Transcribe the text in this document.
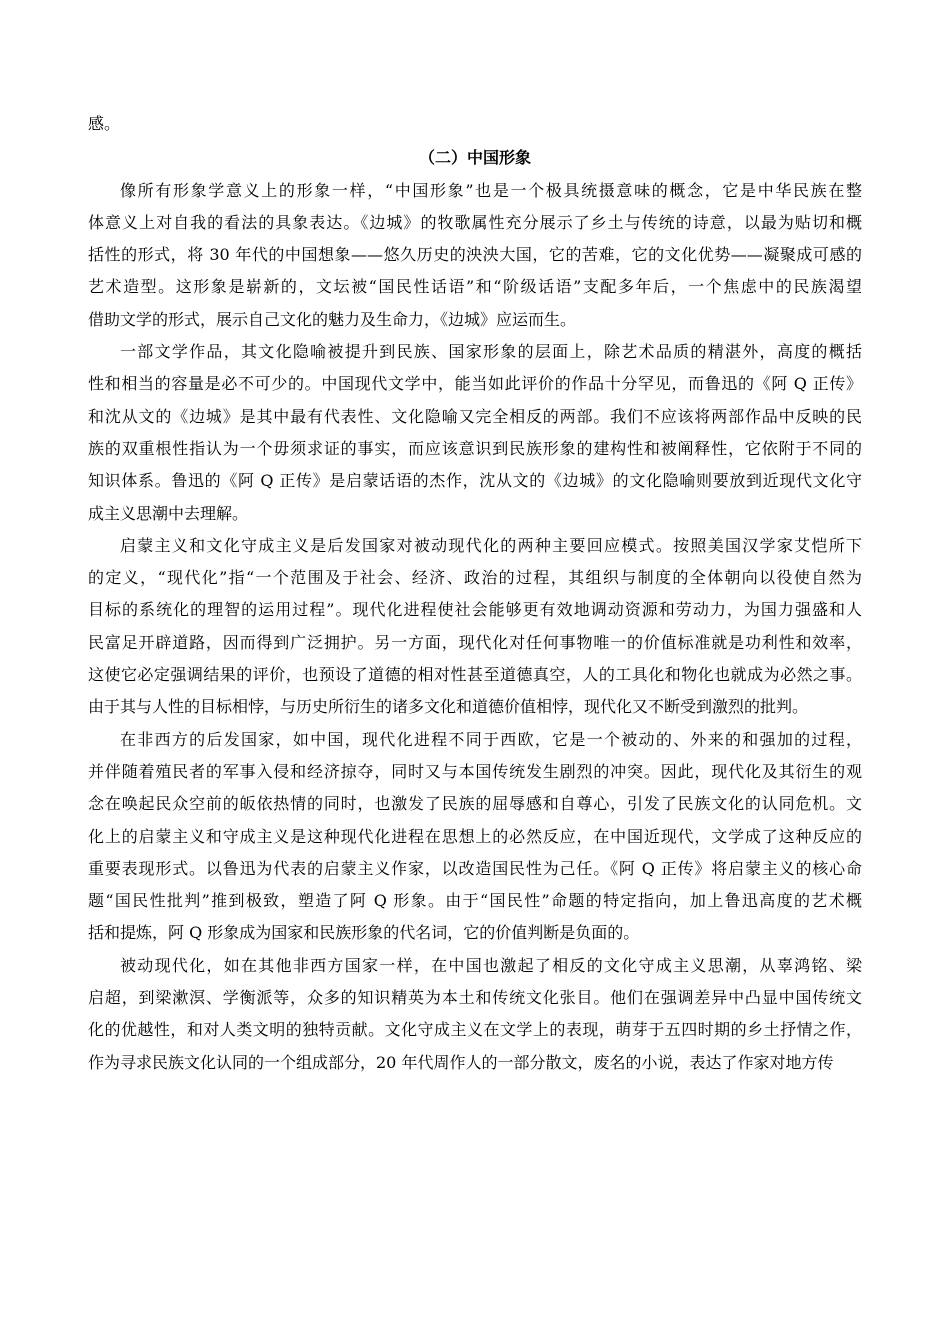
感。
（二）中国形象
像所有形象学意义上的形象一样，“中国形象”也是一个极具统摄意味的概念，它是中华民族在整
体意义上对自我的看法的具象表达。《边城》的牧歌属性充分展示了乡土与传统的诗意，以最为贴切和概
括性的形式，将 30 年代的中国想象——悠久历史的泱泱大国，它的苦难，它的文化优势——凝聚成可感的
艺术造型。这形象是崭新的，文坛被“国民性话语”和“阶级话语”支配多年后，一个焦虑中的民族渴望
借助文学的形式，展示自己文化的魅力及生命力，《边城》应运而生。
一部文学作品，其文化隐喻被提升到民族、国家形象的层面上，除艺术品质的精湛外，高度的概括
性和相当的容量是必不可少的。中国现代文学中，能当如此评价的作品十分罕见，而鲁迅的《阿 Q 正传》
和沈从文的《边城》是其中最有代表性、文化隐喻又完全相反的两部。我们不应该将两部作品中反映的民
族的双重根性指认为一个毋须求证的事实，而应该意识到民族形象的建构性和被阐释性，它依附于不同的
知识体系。鲁迅的《阿 Q 正传》是启蒙话语的杰作，沈从文的《边城》的文化隐喻则要放到近现代文化守
成主义思潮中去理解。
启蒙主义和文化守成主义是后发国家对被动现代化的两种主要回应模式。按照美国汉学家艾恺所下
的定义，“现代化”指“一个范围及于社会、经济、政治的过程，其组织与制度的全体朝向以役使自然为
目标的系统化的理智的运用过程”。现代化进程使社会能够更有效地调动资源和劳动力，为国力强盛和人
民富足开辟道路，因而得到广泛拥护。另一方面，现代化对任何事物唯一的价值标准就是功利性和效率，
这使它必定强调结果的评价，也预设了道德的相对性甚至道德真空，人的工具化和物化也就成为必然之事。
由于其与人性的目标相悖，与历史所衍生的诸多文化和道德价值相悖，现代化又不断受到激烈的批判。
在非西方的后发国家，如中国，现代化进程不同于西欧，它是一个被动的、外来的和强加的过程，
并伴随着殖民者的军事入侵和经济掠夺，同时又与本国传统发生剧烈的冲突。因此，现代化及其衍生的观
念在唤起民众空前的皈依热情的同时，也激发了民族的屈辱感和自尊心，引发了民族文化的认同危机。文
化上的启蒙主义和守成主义是这种现代化进程在思想上的必然反应，在中国近现代，文学成了这种反应的
重要表现形式。以鲁迅为代表的启蒙主义作家，以改造国民性为己任。《阿 Q 正传》将启蒙主义的核心命
题“国民性批判”推到极致，塑造了阿 Q 形象。由于“国民性”命题的特定指向，加上鲁迅高度的艺术概
括和提炼，阿 Q 形象成为国家和民族形象的代名词，它的价值判断是负面的。
被动现代化，如在其他非西方国家一样，在中国也激起了相反的文化守成主义思潮，从辜鸿铭、梁
启超，到梁漱溟、学衡派等，众多的知识精英为本土和传统文化张目。他们在强调差异中凸显中国传统文
化的优越性，和对人类文明的独特贡献。文化守成主义在文学上的表现，萌芽于五四时期的乡土抒情之作，
作为寻求民族文化认同的一个组成部分，20 年代周作人的一部分散文，废名的小说，表达了作家对地方传
